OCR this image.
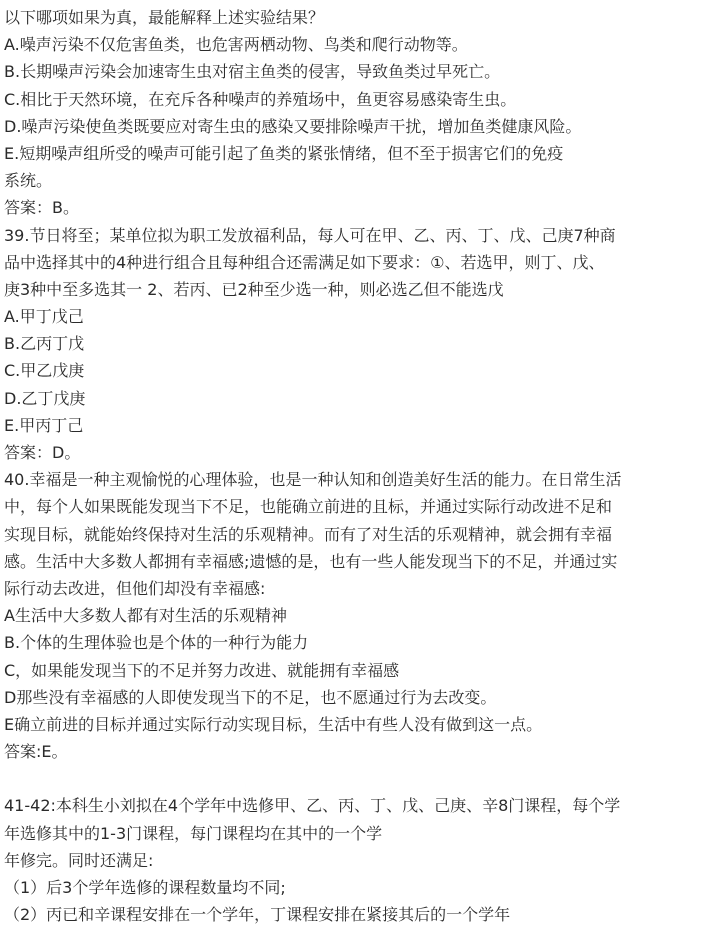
以下哪项如果为真，最能解释上述实验结果？
A.噪声污染不仅危害鱼类，也危害两栖动物、鸟类和爬行动物等。
B.长期噪声污染会加速寄生虫对宿主鱼类的侵害，导致鱼类过早死亡。
C.相比于天然环境，在充斥各种噪声的养殖场中，鱼更容易感染寄生虫。
D.噪声污染使鱼类既要应对寄生虫的感染又要排除噪声干扰，增加鱼类健康风险。
E.短期噪声组所受的噪声可能引起了鱼类的紧张情绪，但不至于损害它们的免疫
系统。
答案：B。
39.节日将至；某单位拟为职工发放福利品，每人可在甲、乙、丙、丁、戊、己庚7种商
品中选择其中的4种进行组合且每种组合还需满足如下要求：①、若选甲，则丁、戊、
庚3种中至多选其一 2、若丙、已2种至少选一种，则必选乙但不能选戊
A.甲丁戊己
B.乙丙丁戊
C.甲乙戊庚
D.乙丁戊庚
E.甲丙丁己
答案：D。
40.幸福是一种主观愉悦的心理体验，也是一种认知和创造美好生活的能力。在日常生活
中，每个人如果既能发现当下不足，也能确立前进的且标，并通过实际行动改进不足和
实现目标，就能始终保持对生活的乐观精神。而有了对生活的乐观精神，就会拥有幸福
感。生活中大多数人都拥有幸福感;遗憾的是，也有一些人能发现当下的不足，并通过实
际行动去改进，但他们却没有幸福感:
A生活中大多数人都有对生活的乐观精神
B.个体的生理体验也是个体的一种行为能力
C，如果能发现当下的不足并努力改进、就能拥有幸福感
D那些没有幸福感的人即使发现当下的不足，也不愿通过行为去改变。
E确立前进的目标并通过实际行动实现目标，生活中有些人没有做到这一点。
答案:E。
41-42:本科生小刘拟在4个学年中选修甲、乙、丙、丁、戊、己庚、辛8门课程，每个学
年选修其中的1-3门课程，每门课程均在其中的一个学
年修完。同时还满足:
（1）后3个学年选修的课程数量均不同;
（2）丙已和辛课程安排在一个学年，丁课程安排在紧接其后的一个学年
